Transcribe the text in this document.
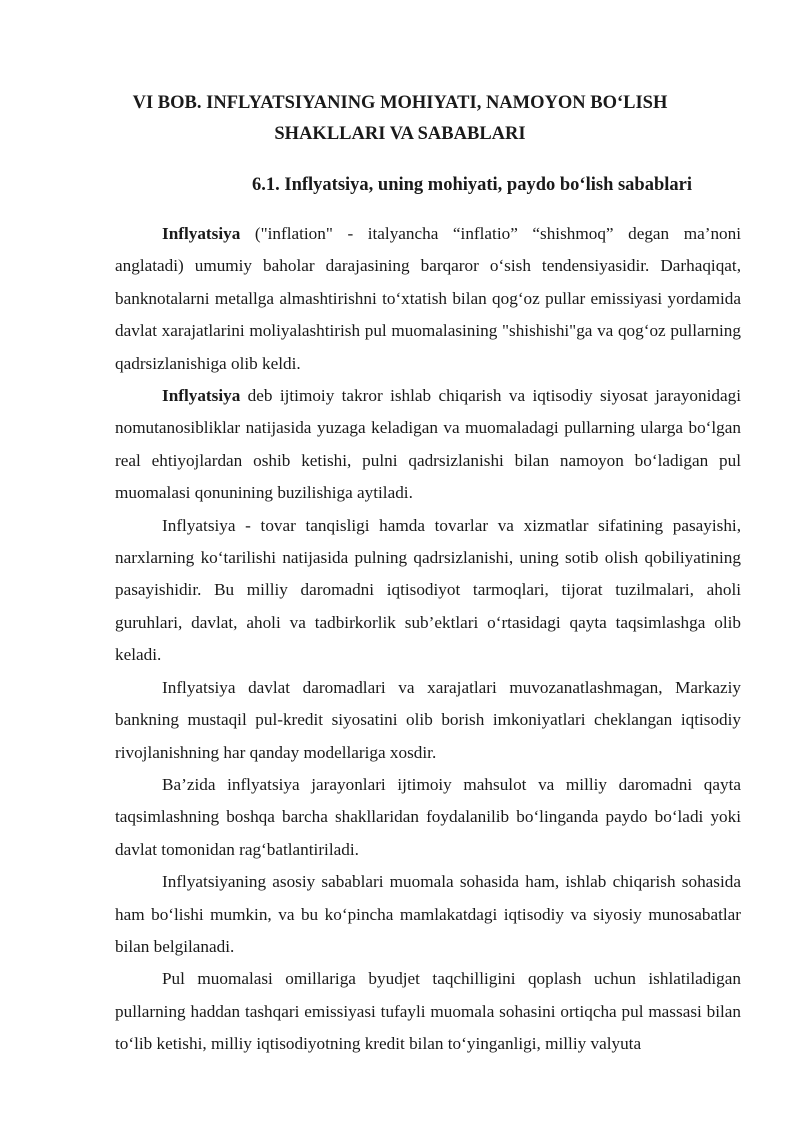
VI BOB. INFLYATSIYANING MOHIYATI, NAMOYON BO‘LISH
SHAKLLARI VA SABABLARI
6.1. Inflyatsiya, uning mohiyati, paydo bo‘lish sabablari

Inflyatsiya ("inflation" - italyancha “inflatio” “shishmoq” degan ma’noni anglatadi) umumiy baholar darajasining barqaror o‘sish tendensiyasidir. Darhaqiqat, banknotalarni metallga almashtirishni to‘xtatish bilan qog‘oz pullar emissiyasi yordamida davlat xarajatlarini moliyalashtirish pul muomalasining "shishishi"ga va qog‘oz pullarning qadrsizlanishiga olib keldi.

Inflyatsiya deb ijtimoiy takror ishlab chiqarish va iqtisodiy siyosat jarayonidagi nomutanosibliklar natijasida yuzaga keladigan va muomaladagi pullarning ularga bo‘lgan real ehtiyojlardan oshib ketishi, pulni qadrsizlanishi bilan namoyon bo‘ladigan pul muomalasi qonunining buzilishiga aytiladi.

Inflyatsiya - tovar tanqisligi hamda tovarlar va xizmatlar sifatining pasayishi, narxlarning ko‘tarilishi natijasida pulning qadrsizlanishi, uning sotib olish qobiliyatining pasayishidir. Bu milliy daromadni iqtisodiyot tarmoqlari, tijorat tuzilmalari, aholi guruhlari, davlat, aholi va tadbirkorlik sub’ektlari o‘rtasidagi qayta taqsimlashga olib keladi.

Inflyatsiya davlat daromadlari va xarajatlari muvozanatlashmagan, Markaziy bankning mustaqil pul-kredit siyosatini olib borish imkoniyatlari cheklangan iqtisodiy rivojlanishning har qanday modellariga xosdir.

Ba’zida inflyatsiya jarayonlari ijtimoiy mahsulot va milliy daromadni qayta taqsimlashning boshqa barcha shakllaridan foydalanilib bo‘linganda paydo bo‘ladi yoki davlat tomonidan rag‘batlantiriladi.

Inflyatsiyaning asosiy sabablari muomala sohasida ham, ishlab chiqarish sohasida ham bo‘lishi mumkin, va bu ko‘pincha mamlakatdagi iqtisodiy va siyosiy munosabatlar bilan belgilanadi.

Pul muomalasi omillariga byudjet taqchilligini qoplash uchun ishlatiladigan pullarning haddan tashqari emissiyasi tufayli muomala sohasini ortiqcha pul massasi bilan to‘lib ketishi, milliy iqtisodiyotning kredit bilan to‘yinganligi, milliy valyuta
